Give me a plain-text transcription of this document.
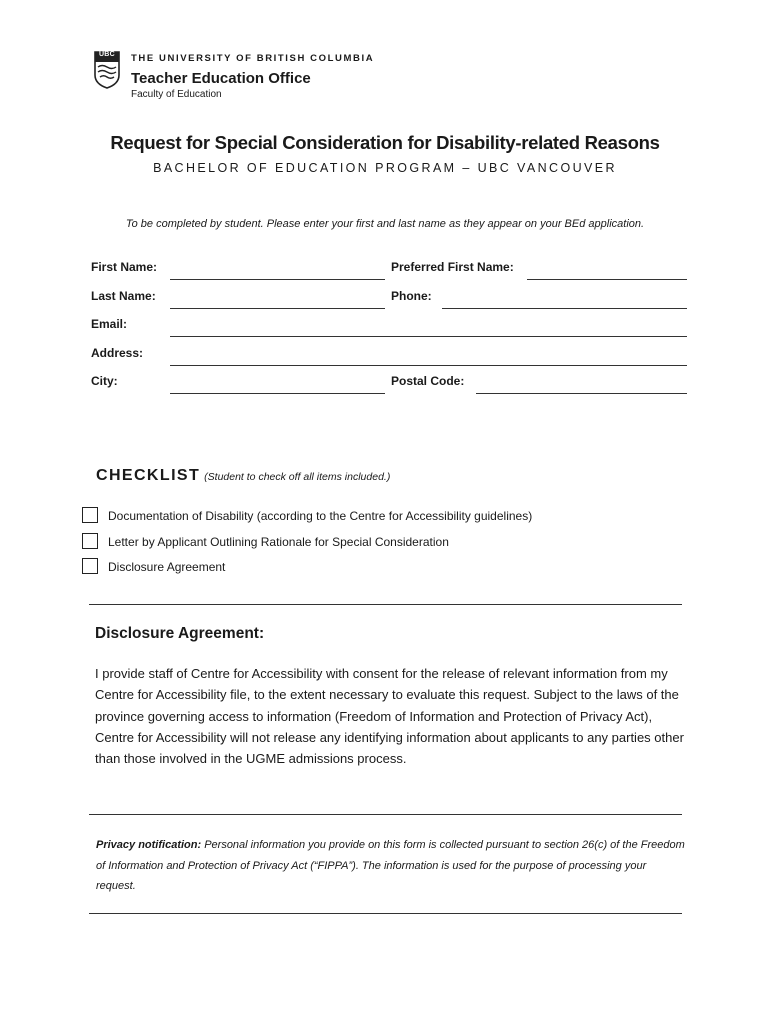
UBC	THE UNIVERSITY OF BRITISH COLUMBIA
Teacher Education Office
Faculty of Education
Request for Special Consideration for Disability-related Reasons
BACHELOR OF EDUCATION PROGRAM – UBC VANCOUVER
To be completed by student. Please enter your first and last name as they appear on your BEd application.
First Name:	Preferred First Name:
Last Name:	Phone:
Email:
Address:
City:	Postal Code:
CHECKLIST (Student to check off all items included.)
Documentation of Disability (according to the Centre for Accessibility guidelines)
Letter by Applicant Outlining Rationale for Special Consideration
Disclosure Agreement
Disclosure Agreement:
I provide staff of Centre for Accessibility with consent for the release of relevant information from my Centre for Accessibility file, to the extent necessary to evaluate this request. Subject to the laws of the province governing access to information (Freedom of Information and Protection of Privacy Act), Centre for Accessibility will not release any identifying information about applicants to any parties other than those involved in the UGME admissions process.
Privacy notification: Personal information you provide on this form is collected pursuant to section 26(c) of the Freedom of Information and Protection of Privacy Act (“FIPPA”). The information is used for the purpose of processing your request.
